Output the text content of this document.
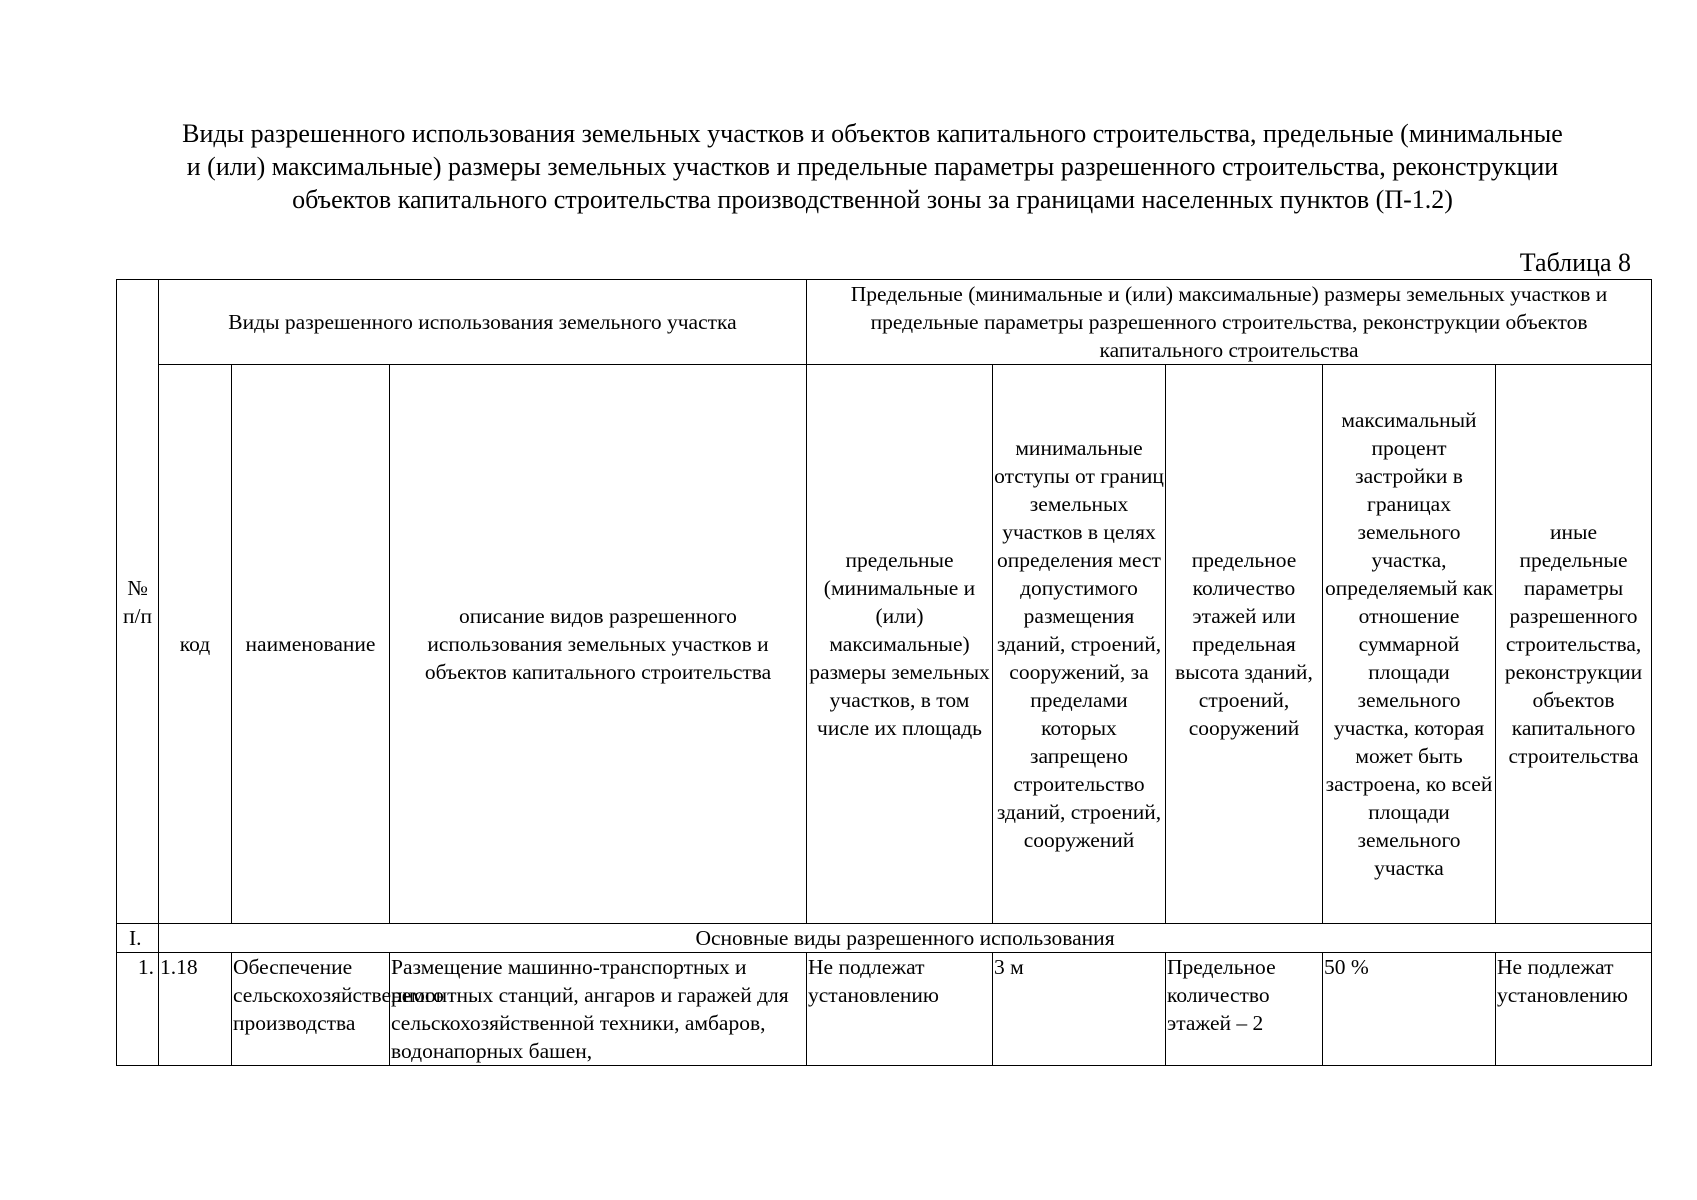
Виды разрешенного использования земельных участков и объектов капитального строительства, предельные (минимальные
и (или) максимальные) размеры земельных участков и предельные параметры разрешенного строительства, реконструкции
объектов капитального строительства производственной зоны за границами населенных пунктов (П-1.2)
Таблица 8
№ п/п	Виды разрешенного использования земельного участка			Предельные (минимальные и (или) максимальные) размеры земельных участков и предельные параметры разрешенного строительства, реконструкции объектов капитального строительства				
	код	наименование	описание видов разрешенного использования земельных участков и объектов капитального строительства	предельные (минимальные и (или) максимальные) размеры земельных участков, в том числе их площадь	минимальные отступы от границ земельных участков в целях определения мест допустимого размещения зданий, строений, сооружений, за пределами которых запрещено строительство зданий, строений, сооружений	предельное количество этажей или предельная высота зданий, строений, сооружений	максимальный процент застройки в границах земельного участка, определяемый как отношение суммарной площади земельного участка, которая может быть застроена, ко всей площади земельного участка	иные предельные параметры разрешенного строительства, реконструкции объектов капитального строительства
I.	Основные виды разрешенного использования							
1.	1.18	Обеспечение сельскохозяйственного производства	Размещение машинно-транспортных и ремонтных станций, ангаров и гаражей для сельскохозяйственной техники, амбаров, водонапорных башен,	Не подлежат установлению	3 м	Предельное количество этажей – 2	50 %	Не подлежат установлению
